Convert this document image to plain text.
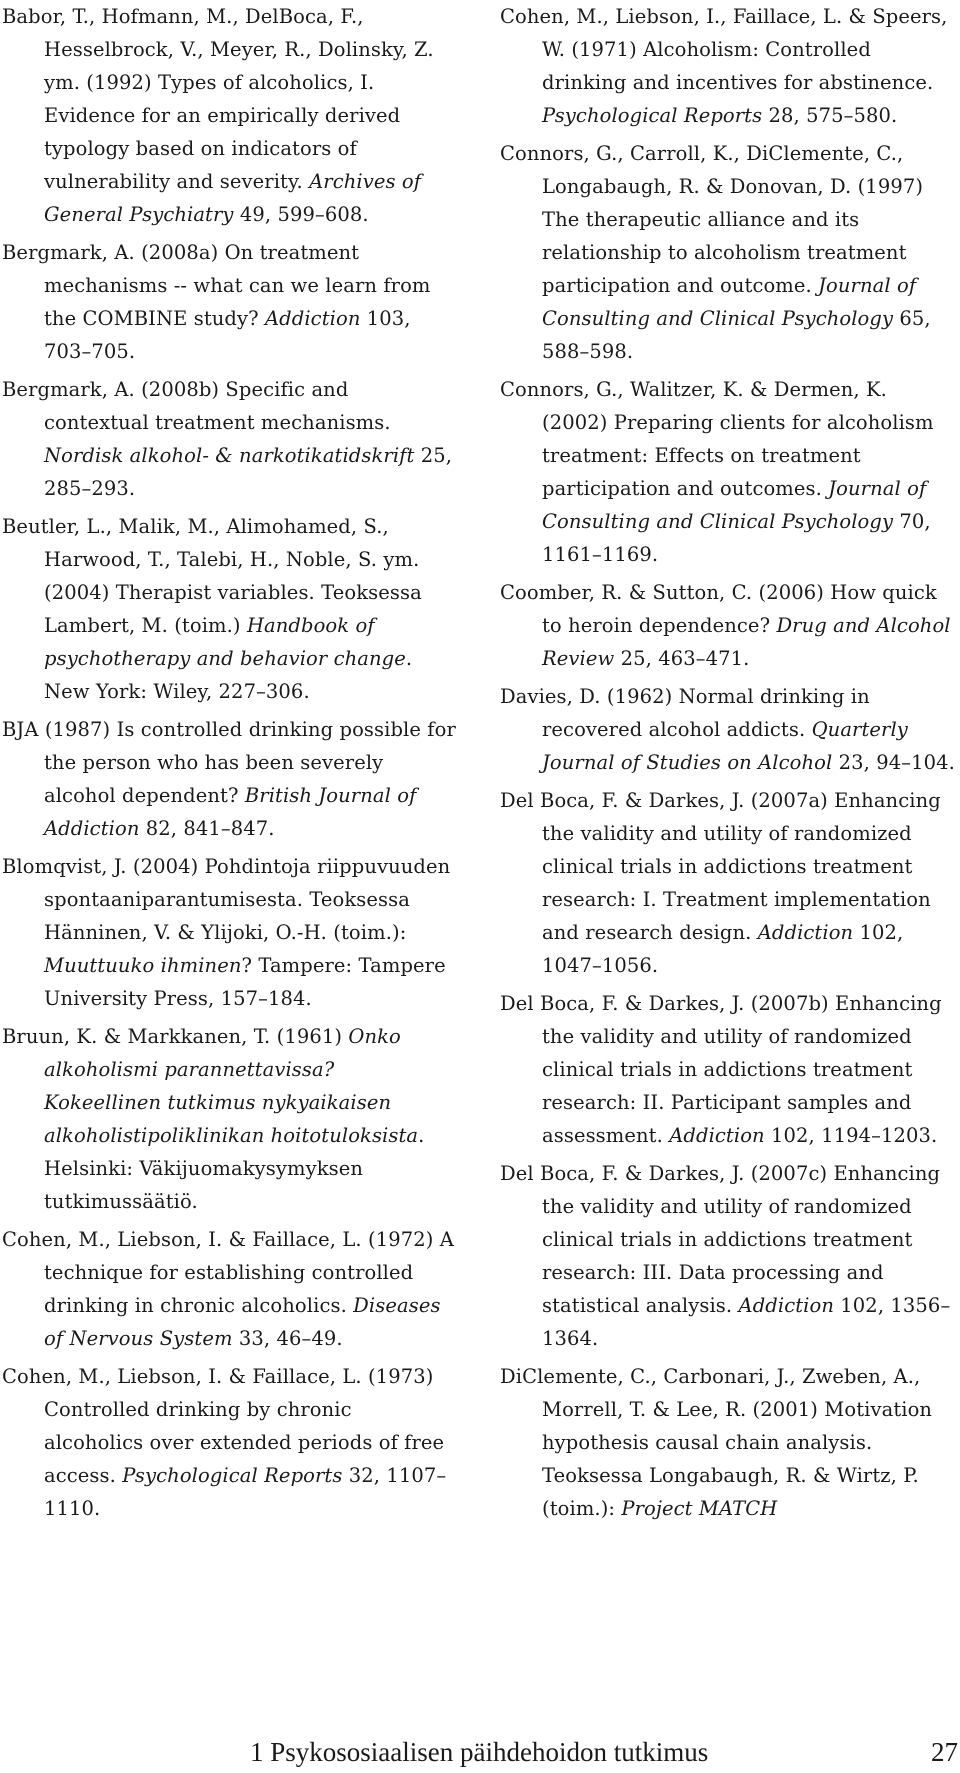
Babor, T., Hofmann, M., DelBoca, F., Hesselbrock, V., Meyer, R., Dolinsky, Z. ym. (1992) Types of alcoholics, I. Evidence for an empirically derived typology based on indicators of vulnerability and severity. Archives of General Psychiatry 49, 599–608.

Bergmark, A. (2008a) On treatment mechanisms -- what can we learn from the COMBINE study? Addiction 103, 703–705.

Bergmark, A. (2008b) Specific and contextual treatment mechanisms. Nordisk alkohol- & narkotikatidskrift 25, 285–293.

Beutler, L., Malik, M., Alimohamed, S., Harwood, T., Talebi, H., Noble, S. ym. (2004) Therapist variables. Teoksessa Lambert, M. (toim.) Handbook of psychotherapy and behavior change. New York: Wiley, 227–306.

BJA (1987) Is controlled drinking possible for the person who has been severely alcohol dependent? British Journal of Addiction 82, 841–847.

Blomqvist, J. (2004) Pohdintoja riippuvuuden spontaaniparantumisesta. Teoksessa Hänninen, V. & Ylijoki, O.-H. (toim.): Muuttuuko ihminen? Tampere: Tampere University Press, 157–184.

Bruun, K. & Markkanen, T. (1961) Onko alkoholismi parannettavissa? Kokeellinen tutkimus nykyaikaisen alkoholistipoliklinikan hoitotuloksista. Helsinki: Väkijuomakysymyksen tutkimussäätiö.

Cohen, M., Liebson, I. & Faillace, L. (1972) A technique for establishing controlled drinking in chronic alcoholics. Diseases of Nervous System 33, 46–49.

Cohen, M., Liebson, I. & Faillace, L. (1973) Controlled drinking by chronic alcoholics over extended periods of free access. Psychological Reports 32, 1107–1110.

Cohen, M., Liebson, I., Faillace, L. & Speers, W. (1971) Alcoholism: Controlled drinking and incentives for abstinence. Psychological Reports 28, 575–580.

Connors, G., Carroll, K., DiClemente, C., Longabaugh, R. & Donovan, D. (1997) The therapeutic alliance and its relationship to alcoholism treatment participation and outcome. Journal of Consulting and Clinical Psychology 65, 588–598.

Connors, G., Walitzer, K. & Dermen, K. (2002) Preparing clients for alcoholism treatment: Effects on treatment participation and outcomes. Journal of Consulting and Clinical Psychology 70, 1161–1169.

Coomber, R. & Sutton, C. (2006) How quick to heroin dependence? Drug and Alcohol Review 25, 463–471.

Davies, D. (1962) Normal drinking in recovered alcohol addicts. Quarterly Journal of Studies on Alcohol 23, 94–104.

Del Boca, F. & Darkes, J. (2007a) Enhancing the validity and utility of randomized clinical trials in addictions treatment research: I. Treatment implementation and research design. Addiction 102, 1047–1056.

Del Boca, F. & Darkes, J. (2007b) Enhancing the validity and utility of randomized clinical trials in addictions treatment research: II. Participant samples and assessment. Addiction 102, 1194–1203.

Del Boca, F. & Darkes, J. (2007c) Enhancing the validity and utility of randomized clinical trials in addictions treatment research: III. Data processing and statistical analysis. Addiction 102, 1356–1364.

DiClemente, C., Carbonari, J., Zweben, A., Morrell, T. & Lee, R. (2001) Motivation hypothesis causal chain analysis. Teoksessa Longabaugh, R. & Wirtz, P. (toim.): Project MATCH

1 Psykososiaalisen päihdehoidon tutkimus	27
